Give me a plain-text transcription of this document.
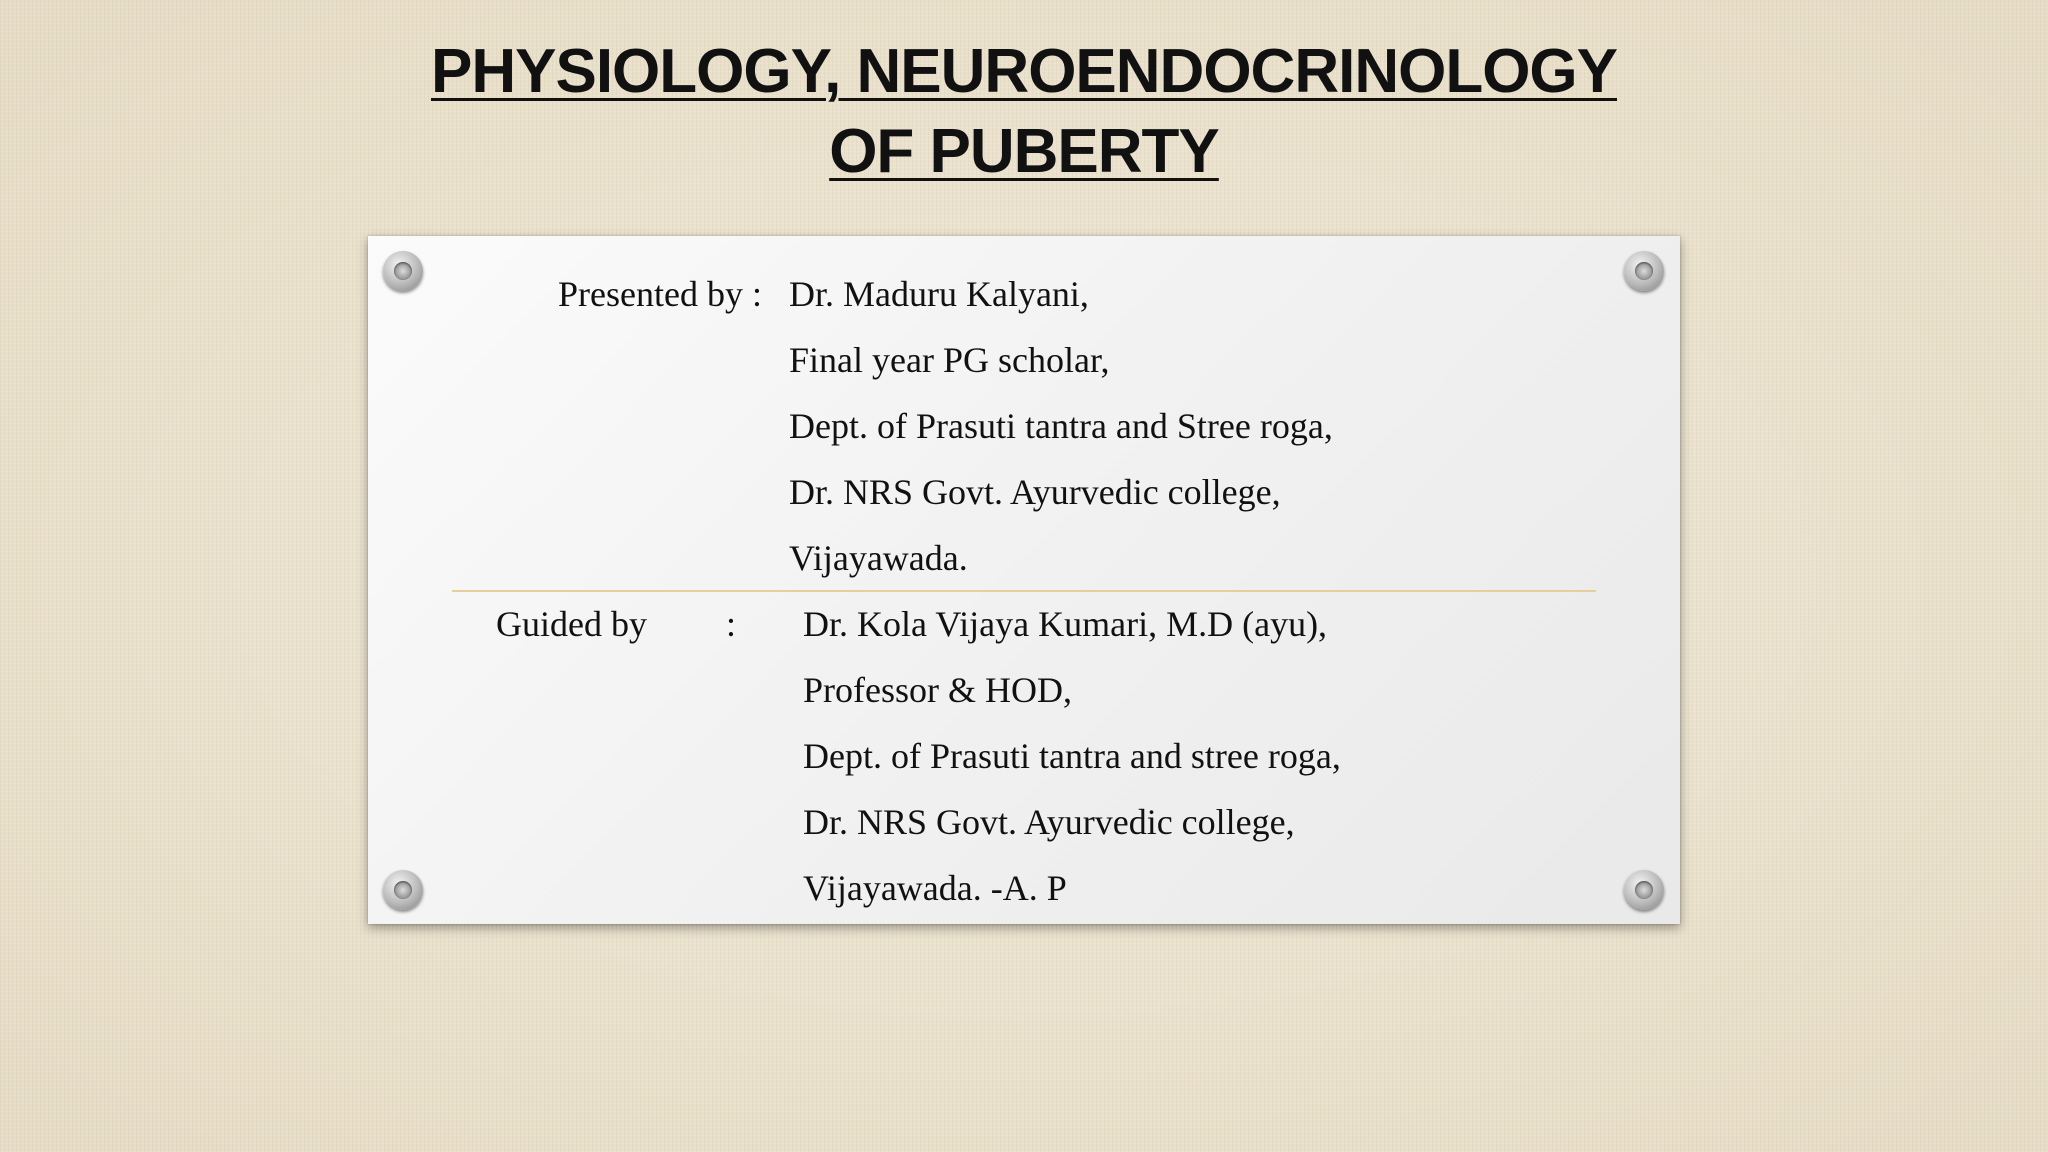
PHYSIOLOGY, NEUROENDOCRINOLOGY
OF PUBERTY
Presented by : Dr. Maduru Kalyani,
Final year PG scholar,
Dept. of Prasuti tantra and Stree roga,
Dr. NRS Govt. Ayurvedic college,
Vijayawada.
Guided by : Dr. Kola Vijaya Kumari, M.D (ayu),
Professor & HOD,
Dept. of Prasuti tantra and stree roga,
Dr. NRS Govt. Ayurvedic college,
Vijayawada. -A. P
